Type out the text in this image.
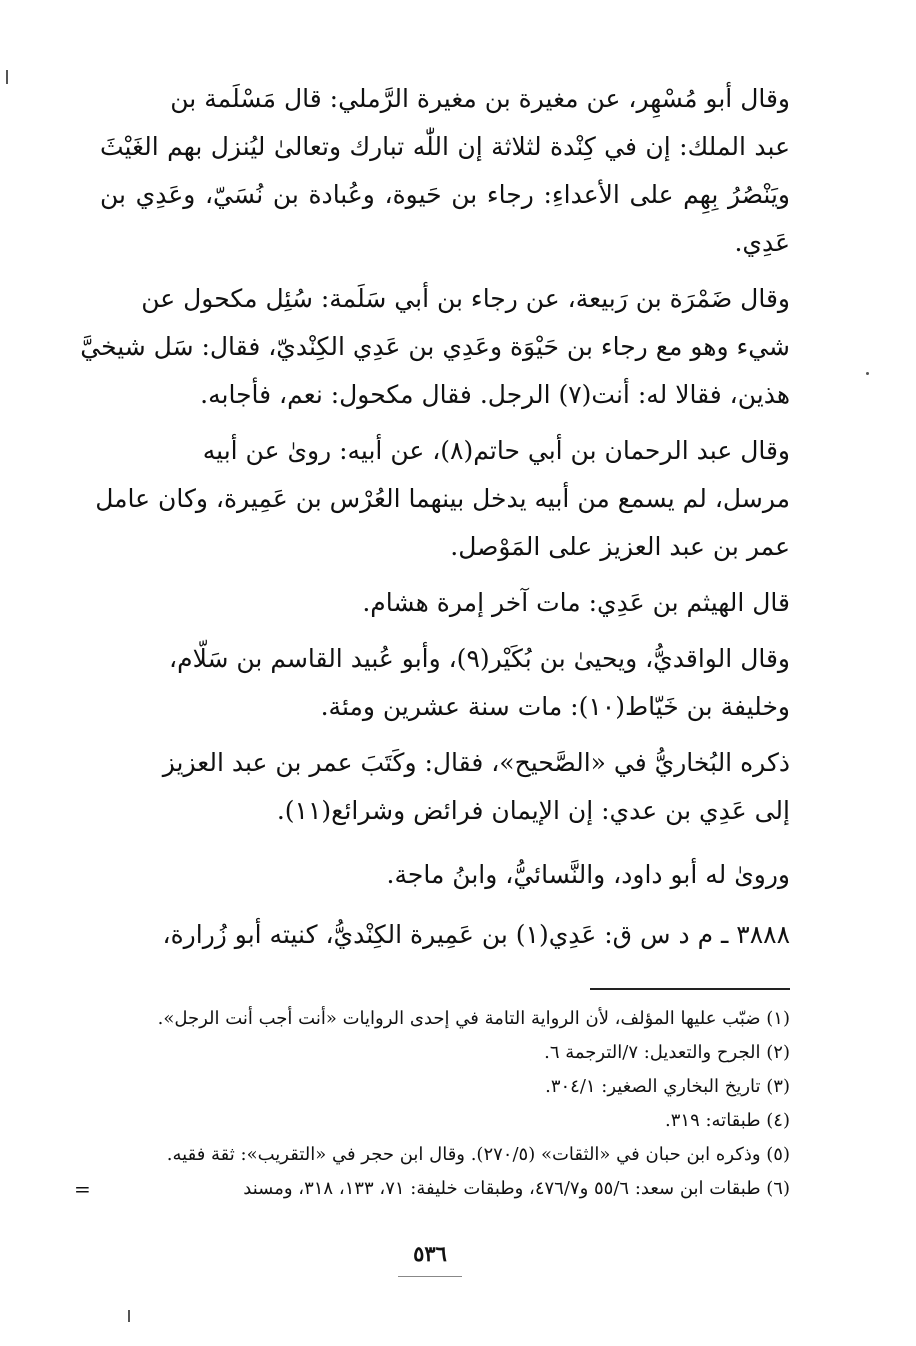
وقال أبو مُسْهِر، عن مغيرة بن مغيرة الرَّملي: قال مَسْلَمة بن
عبد الملك: إن في كِنْدة لثلاثة إن اللّٰه تبارك وتعالىٰ ليُنزل بهم الغَيْثَ
ويَنْصُرُ بِهِم على الأعداءِ: رجاء بن حَيوة، وعُبادة بن نُسَيّ، وعَدِي بن
عَدِي.
وقال ضَمْرَة بن رَبيعة، عن رجاء بن أبي سَلَمة: سُئِل مكحول عن
شيء وهو مع رجاء بن حَيْوَة وعَدِي بن عَدِي الكِنْديّ، فقال: سَل شيخيَّ
هذين، فقالا له: أنت(٧) الرجل. فقال مكحول: نعم، فأجابه.
وقال عبد الرحمان بن أبي حاتم(٨)، عن أبيه: روىٰ عن أبيه
مرسل، لم يسمع من أبيه يدخل بينهما العُرْس بن عَمِيرة، وكان عامل
عمر بن عبد العزيز على المَوْصل.
قال الهيثم بن عَدِي: مات آخر إمرة هشام.
وقال الواقديُّ، ويحيىٰ بن بُكَيْر(٩)، وأبو عُبيد القاسم بن سَلّام،
وخليفة بن خَيّاط(١٠): مات سنة عشرين ومئة.
ذكره البُخاريُّ في «الصَّحيح»، فقال: وكَتَبَ عمر بن عبد العزيز
إلى عَدِي بن عدي: إن الإيمان فرائض وشرائع(١١).
وروىٰ له أبو داود، والنَّسائيُّ، وابنُ ماجة.
٣٨٨٨ ـ م د س ق: عَدِي(١) بن عَمِيرة الكِنْديُّ، كنيته أبو زُرارة،
(١) ضبّب عليها المؤلف، لأن الرواية التامة في إحدى الروايات «أنت أجب أنت الرجل».
(٢) الجرح والتعديل: ٧/الترجمة ٦.
(٣) تاريخ البخاري الصغير: ٣٠٤/١.
(٤) طبقاته: ٣١٩.
(٥) وذكره ابن حبان في «الثقات» (٢٧٠/٥). وقال ابن حجر في «التقريب»: ثقة فقيه.
(٦) طبقات ابن سعد: ٥٥/٦ و٤٧٦/٧، وطبقات خليفة: ٧١، ١٣٣، ٣١٨، ومسند
=
٥٣٦
